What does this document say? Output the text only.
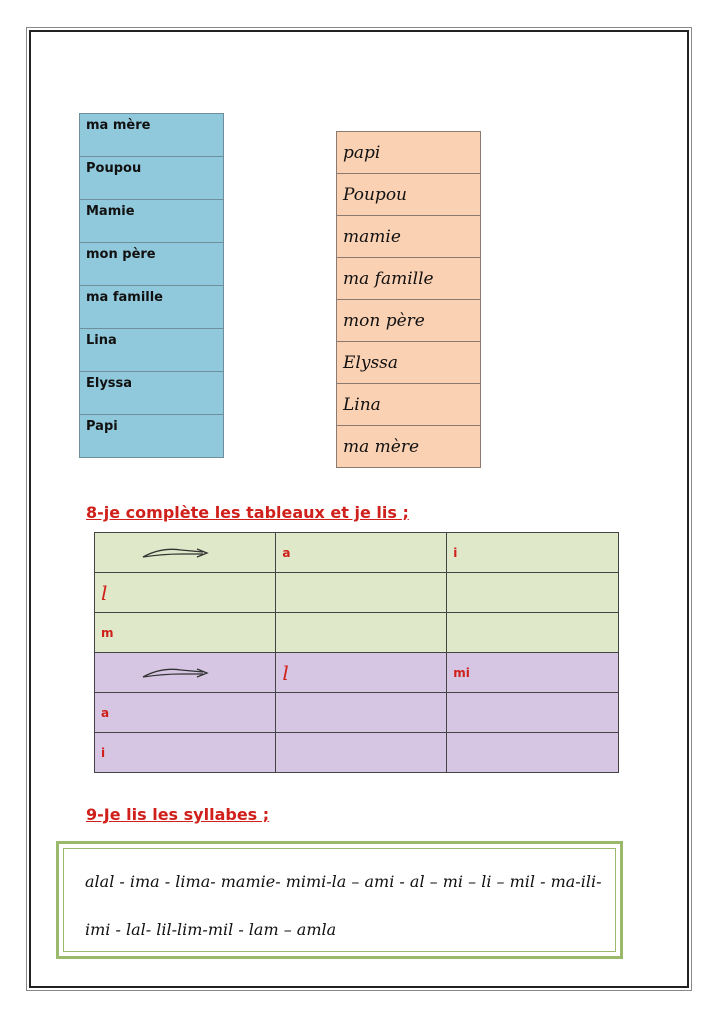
ma mère
Poupou
Mamie
mon père
ma famille
Lina
Elyssa
Papi
papi
Poupou
mamie
ma famille
mon père
Elyssa
Lina
ma mère
8-je complète les tableaux et je lis ;
	a	i
l		
m		

	l	mi
a		
i		
9-Je lis les syllabes ;
alal - ima - lima- mamie- mimi-la – ami - al – mi – li – mil - ma-ili-
imi - lal- lil-lim-mil - lam – amla
